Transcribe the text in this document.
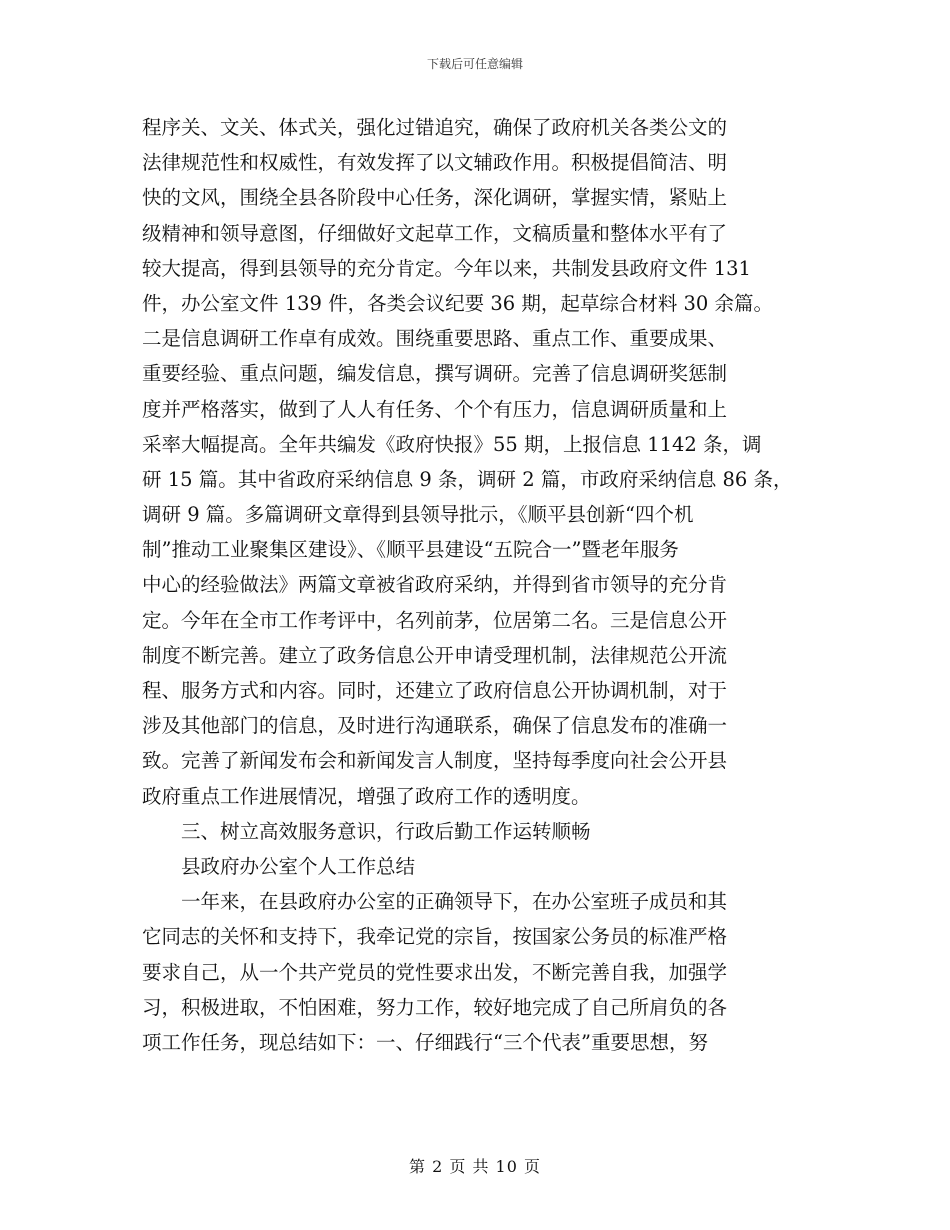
下载后可任意编辑
程序关、文关、体式关，强化过错追究，确保了政府机关各类公文的
法律规范性和权威性，有效发挥了以文辅政作用。积极提倡简洁、明
快的文风，围绕全县各阶段中心任务，深化调研，掌握实情，紧贴上
级精神和领导意图，仔细做好文起草工作，文稿质量和整体水平有了
较大提高，得到县领导的充分肯定。今年以来，共制发县政府文件 131
件，办公室文件 139 件，各类会议纪要 36 期，起草综合材料 30 余篇。
二是信息调研工作卓有成效。围绕重要思路、重点工作、重要成果、
重要经验、重点问题，编发信息，撰写调研。完善了信息调研奖惩制
度并严格落实，做到了人人有任务、个个有压力，信息调研质量和上
采率大幅提高。全年共编发《政府快报》55 期，上报信息 1142 条，调
研 15 篇。其中省政府采纳信息 9 条，调研 2 篇，市政府采纳信息 86 条，
调研 9 篇。多篇调研文章得到县领导批示，《顺平县创新“四个机
制”推动工业聚集区建设》、《顺平县建设“五院合一”暨老年服务
中心的经验做法》两篇文章被省政府采纳，并得到省市领导的充分肯
定。今年在全市工作考评中，名列前茅，位居第二名。三是信息公开
制度不断完善。建立了政务信息公开申请受理机制，法律规范公开流
程、服务方式和内容。同时，还建立了政府信息公开协调机制，对于
涉及其他部门的信息，及时进行沟通联系，确保了信息发布的准确一
致。完善了新闻发布会和新闻发言人制度，坚持每季度向社会公开县
政府重点工作进展情况，增强了政府工作的透明度。
三、树立高效服务意识，行政后勤工作运转顺畅
县政府办公室个人工作总结
　　一年来，在县政府办公室的正确领导下，在办公室班子成员和其
它同志的关怀和支持下，我牵记党的宗旨，按国家公务员的标准严格
要求自己，从一个共产党员的党性要求出发，不断完善自我，加强学
习，积极进取，不怕困难，努力工作，较好地完成了自己所肩负的各
项工作任务，现总结如下：一、仔细践行“三个代表”重要思想，努
第 2 页 共 10 页
